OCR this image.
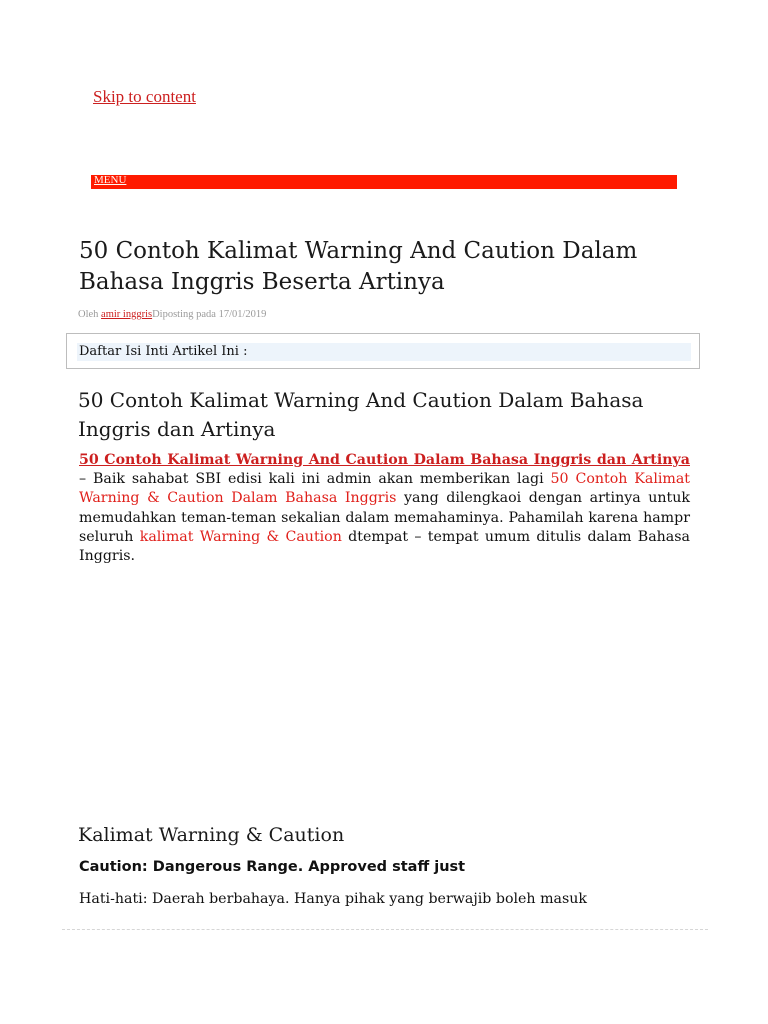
Skip to content
MENU
50 Contoh Kalimat Warning And Caution Dalam Bahasa Inggris Beserta Artinya
Oleh amir inggrisDiposting pada 17/01/2019
Daftar Isi Inti Artikel Ini :
50 Contoh Kalimat Warning And Caution Dalam Bahasa Inggris dan Artinya

50 Contoh Kalimat Warning And Caution Dalam Bahasa Inggris dan Artinya – Baik sahabat SBI edisi kali ini admin akan memberikan lagi 50 Contoh Kalimat Warning & Caution Dalam Bahasa Inggris yang dilengkaoi dengan artinya untuk memudahkan teman-teman sekalian dalam memahaminya. Pahamilah karena hampr seluruh kalimat Warning & Caution dtempat – tempat umum ditulis dalam Bahasa Inggris.

Kalimat Warning & Caution

Caution: Dangerous Range. Approved staff just

Hati-hati: Daerah berbahaya. Hanya pihak yang berwajib boleh masuk
